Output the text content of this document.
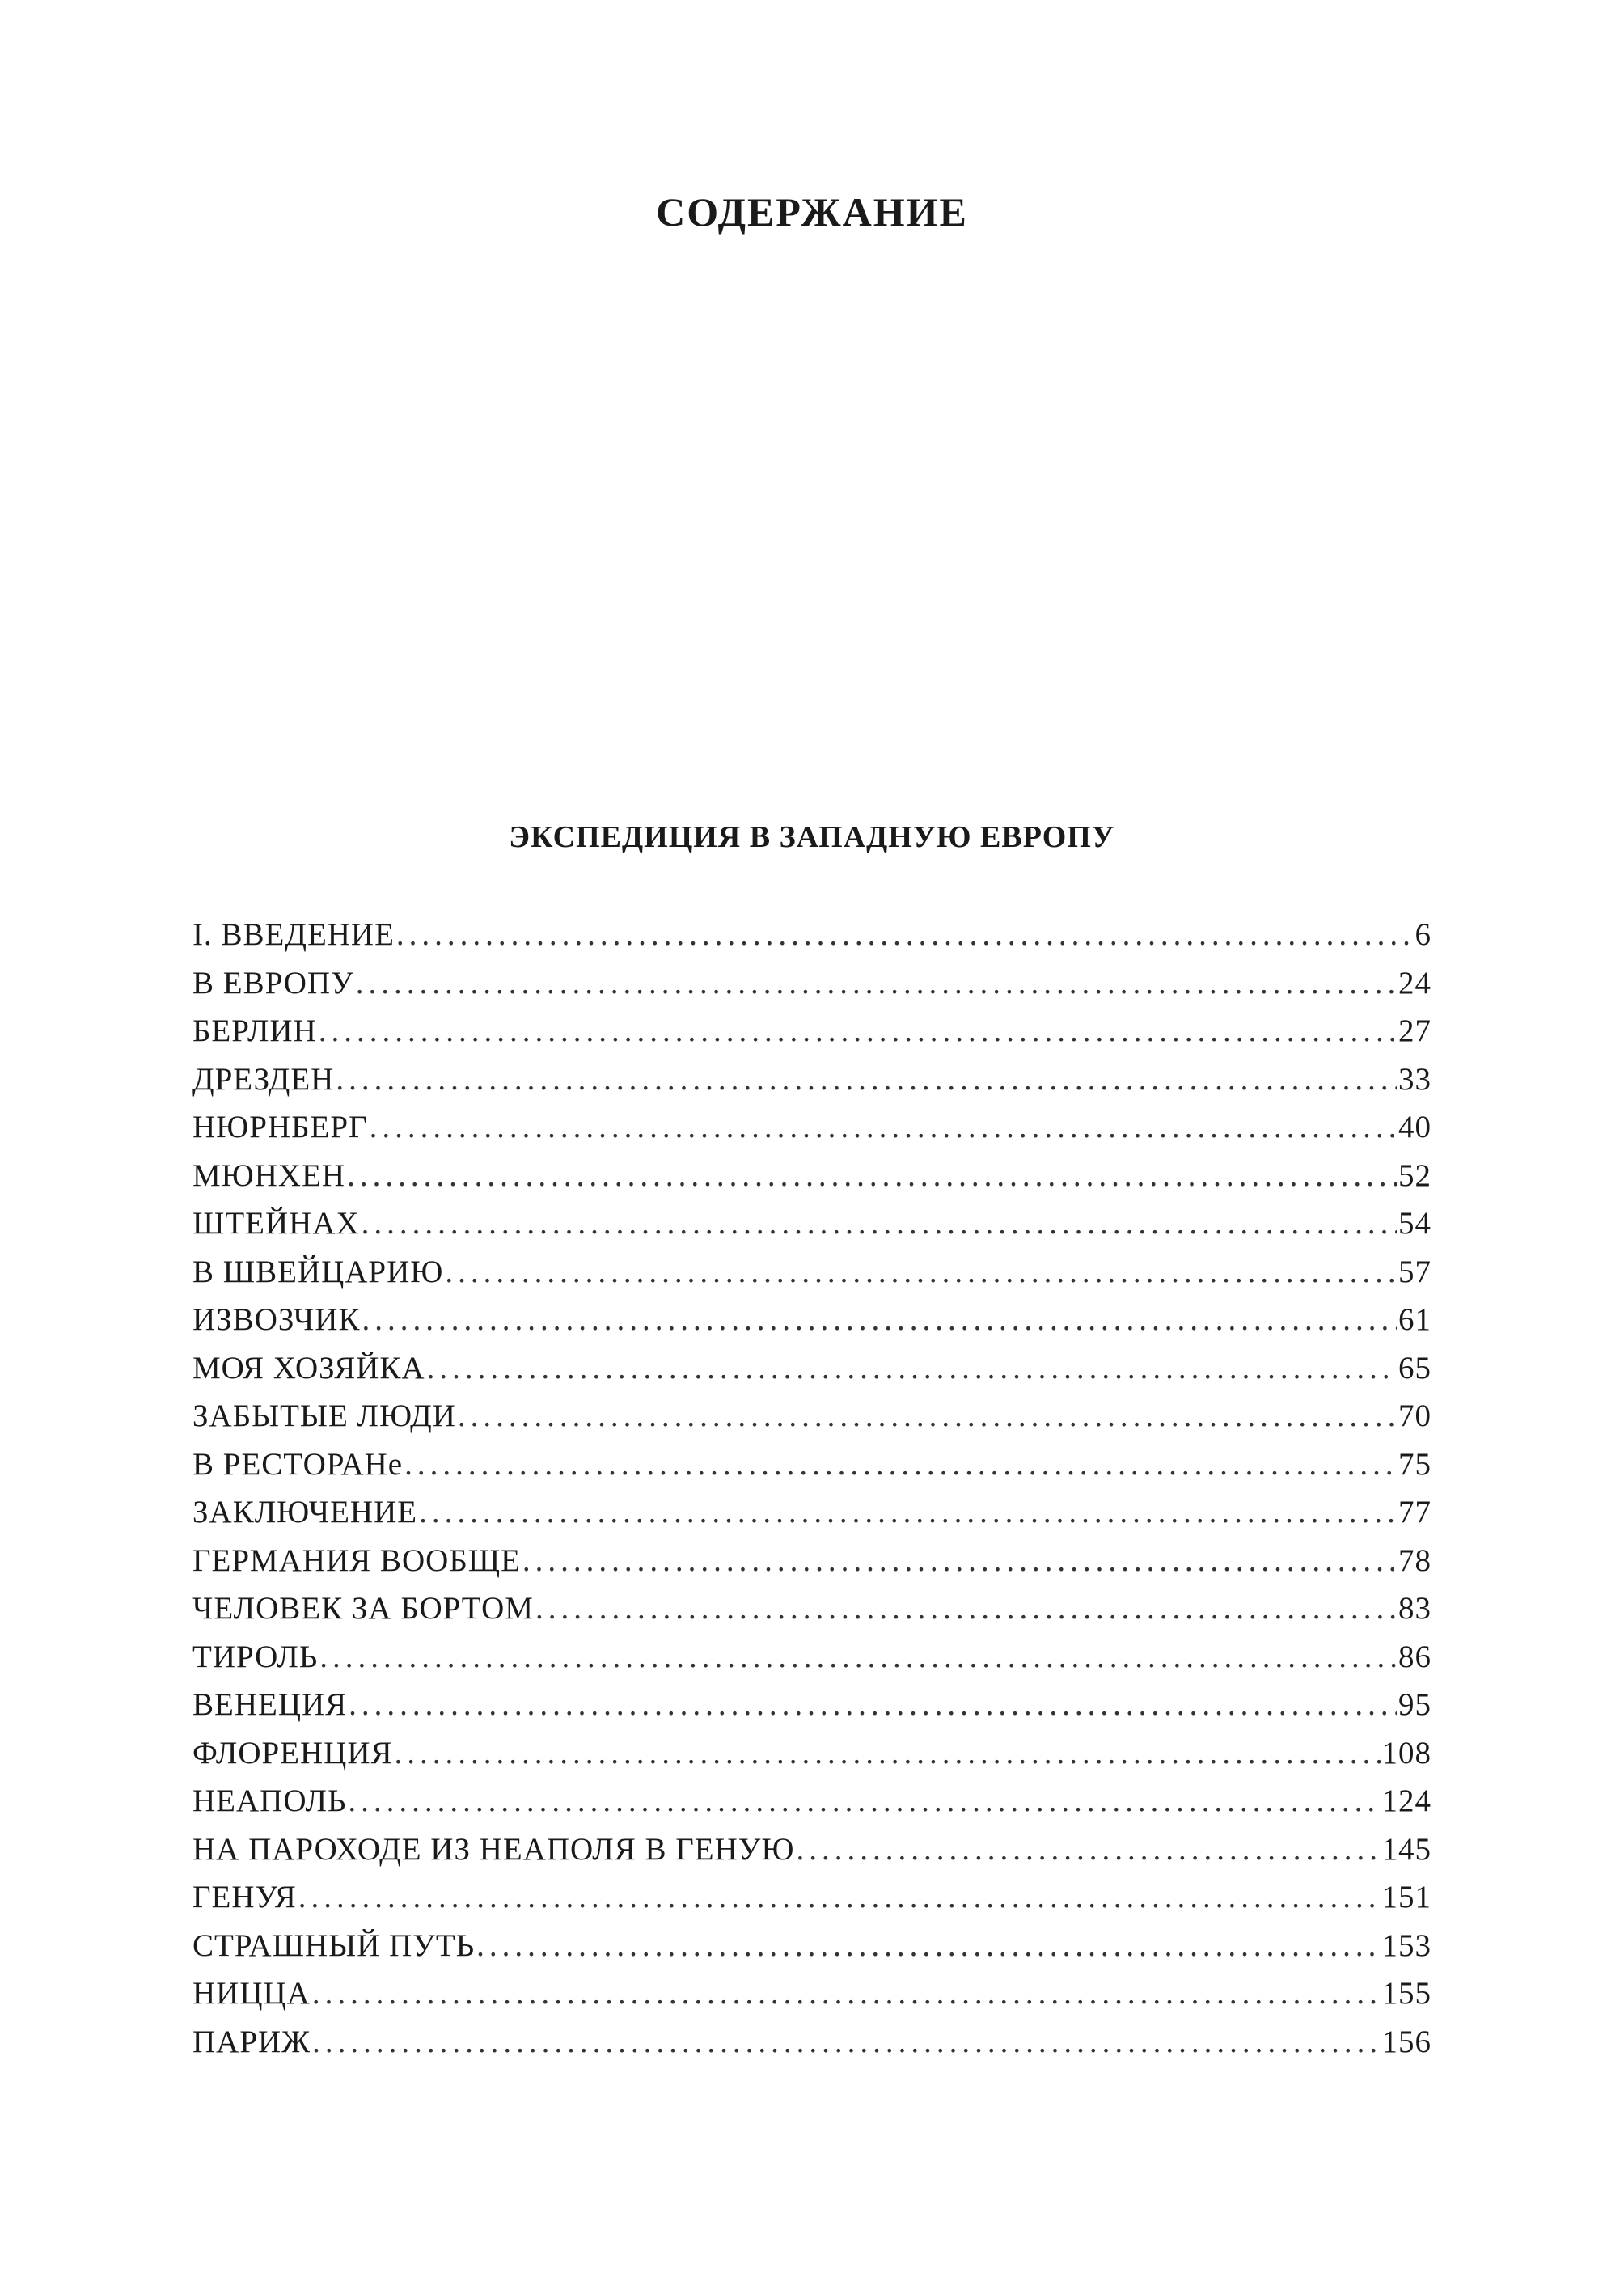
СОДЕРЖАНИЕ
ЭКСПЕДИЦИЯ В ЗАПАДНУЮ ЕВРОПУ
I. ВВЕДЕНИЕ .....	6
В ЕВРОПУ .....	24
БЕРЛИН .....	27
ДРЕЗДЕН .....	33
НЮРНБЕРГ .....	40
МЮНХЕН .....	52
ШТЕЙНАХ .....	54
В ШВЕЙЦАРИЮ .....	57
ИЗВОЗЧИК .....	61
МОЯ ХОЗЯЙКА .....	65
ЗАБЫТЫЕ ЛЮДИ .....	70
В РЕСТОРАНе .....	75
ЗАКЛЮЧЕНИЕ .....	77
ГЕРМАНИЯ ВООБЩЕ .....	78
ЧЕЛОВЕК ЗА БОРТОМ .....	83
ТИРОЛЬ .....	86
ВЕНЕЦИЯ .....	95
ФЛОРЕНЦИЯ .....	108
НЕАПОЛЬ .....	124
НА ПАРОХОДЕ ИЗ НЕАПОЛЯ В ГЕНУЮ .....	145
ГЕНУЯ .....	151
СТРАШНЫЙ ПУТЬ .....	153
НИЦЦА .....	155
ПАРИЖ .....	156
